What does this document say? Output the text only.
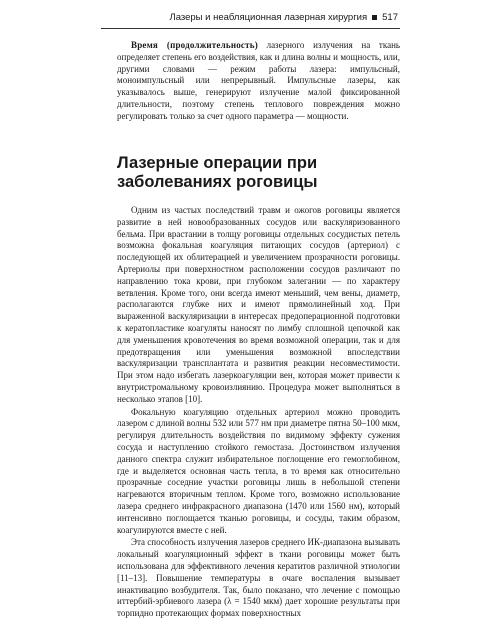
Лазеры и неабляционная лазерная хирургия 517

Время (продолжительность) лазерного излучения на ткань определяет степень его воздействия, как и длина волны и мощность, или, другими словами — режим работы лазера: импульсный, моноимпульсный или непрерывный. Импульсные лазеры, как указывалось выше, генерируют излучение малой фиксированной длительности, поэтому степень теплового повреждения можно регулировать только за счет одного параметра — мощности.

Лазерные операции при заболеваниях роговицы

Одним из частых последствий травм и ожогов роговицы является развитие в ней новообразованных сосудов или васкуляризованного бельма. При врастании в толщу роговицы отдельных сосудистых петель возможна фокальная коагуляция питающих сосудов (артериол) с последующей их облитерацией и увеличением прозрачности роговицы. Артериолы при поверхностном расположении сосудов различают по направлению тока крови, при глубоком залегании — по характеру ветвления. Кроме того, они всегда имеют меньший, чем вены, диаметр, располагаются глубже них и имеют прямолинейный ход. При выраженной васкуляризации в интересах предоперационной подготовки к кератопластике коагуляты наносят по лимбу сплошной цепочкой как для уменьшения кровотечения во время возможной операции, так и для предотвращения или уменьшения возможной впоследствии васкуляризации трансплантата и развития реакции несовместимости. При этом надо избегать лазеркоагуляции вен, которая может привести к внутристромальному кровоизлиянию. Процедура может выполняться в несколько этапов [10].

Фокальную коагуляцию отдельных артериол можно проводить лазером с длиной волны 532 или 577 нм при диаметре пятна 50–100 мкм, регулируя длительность воздействия по видимому эффекту сужения сосуда и наступлению стойкого гемостаза. Достоинством излучения данного спектра служит избирательное поглощение его гемоглобином, где и выделяется основная часть тепла, в то время как относительно прозрачные соседние участки роговицы лишь в небольшой степени нагреваются вторичным теплом. Кроме того, возможно использование лазера среднего инфракрасного диапазона (1470 или 1560 нм), который интенсивно поглощается тканью роговицы, и сосуды, таким образом, коагулируются вместе с ней.

Эта способность излучения лазеров среднего ИК-диапазона вызывать локальный коагуляционный эффект в ткани роговицы может быть использована для эффективного лечения кератитов различной этиологии [11–13]. Повышение температуры в очаге воспаления вызывает инактивацию возбудителя. Так, было показано, что лечение с помощью иттербий-эрбиевого лазера (λ = 1540 мкм) дает хорошие результаты при торпидно протекающих формах поверхностных
